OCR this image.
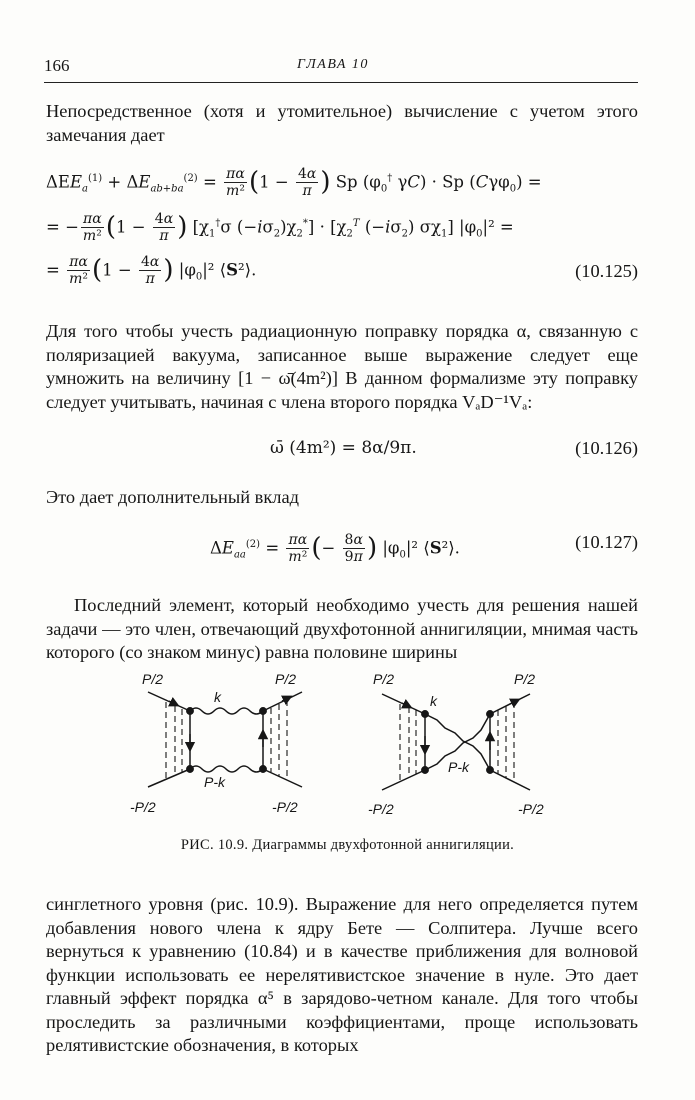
166	ГЛАВА 10

Непосредственное (хотя и утомительное) вычисление с учетом этого замечания дает

$\Delta EE_a^{(1)} + \Delta E_{ab+ba}^{(2)} = \frac{\pi\alpha}{\text{m²}} (1 - \frac{4\alpha}{\pi}$ ) Sp ($\varphi_0^\dagger$ γC) · Sp (Cγφ$_0$) =
= − $\frac{\pi\alpha}{\text{m²}} (1 - \frac{4\alpha}{\pi}$ ) [$\chi_1^\dagger\sigma$ $(-i\sigma_2)\chi_2^*] \cdot [\chi_2^T$ $(-i\sigma_2)$ $\sigma\chi_1$] $|\varphi_0|^2$ =
= $\frac{\pi\alpha}{\text{m²}} (1 - \frac{4\alpha}{\pi}$ ) $|\varphi_0|^2$ ⟨S²⟩.	(10.125)

Для того чтобы учесть радиационную поправку порядка α, связанную с поляризацией вакуума, записанное выше выражение следует еще умножить на величину [1 − ω̄(4m²)] В данном формализме эту поправку следует учитывать, начиная с члена второго порядка VₐD⁻¹Vₐ:

ω̄ (4m²) = 8α/9π.	(10.126)

Это дает дополнительный вклад

$\Delta E_{aa}^{(2)} = \frac{\pi\alpha}{\text{m²}}$ (− $\frac{8\alpha}{9\pi}$ ) $|\varphi_0|^2$ ⟨S²⟩.	(10.127)

Последний элемент, который необходимо учесть для решения нашей задачи — это член, отвечающий двухфотонной аннигиляции, мнимая часть которого (со знаком минус) равна половине ширины

P/2	P/2
-P/2	-P/2
k
P-k
P/2	P/2
-P/2	-P/2
k
P-k
РИС. 10.9. Диаграммы двухфотонной аннигиляции.

синглетного уровня (рис. 10.9). Выражение для него определяется путем добавления нового члена к ядру Бете — Солпитера. Лучше всего вернуться к уравнению (10.84) и в качестве приближения для волновой функции использовать ее нерелятивистское значение в нуле. Это дает главный эффект порядка α⁵ в зарядово-четном канале. Для того чтобы проследить за различными коэффициентами, проще использовать релятивистские обозначения, в которых
